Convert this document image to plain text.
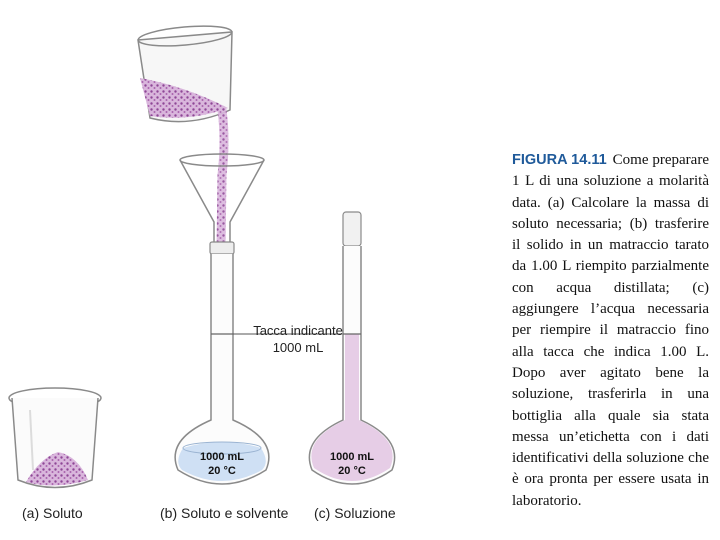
1000 mL
20 °C
1000 mL
20 °C
Tacca indicante
1000 mL
(a) Soluto	(b) Soluto e solvente (c) Soluzione
FIGURA 14.11 Come preparare 1 L di una soluzione a molarità data. (a) Calcolare la massa di soluto necessaria; (b) trasferire il solido in un matraccio tarato da 1.00 L riempito parzialmente con acqua distillata; (c) aggiungere l’acqua necessaria per riempire il matraccio fino alla tacca che indica 1.00 L. Dopo aver agitato bene la soluzione, trasferirla in una bottiglia alla quale sia stata messa un’etichetta con i dati identificativi della soluzione che è ora pronta per essere usata in laboratorio.
